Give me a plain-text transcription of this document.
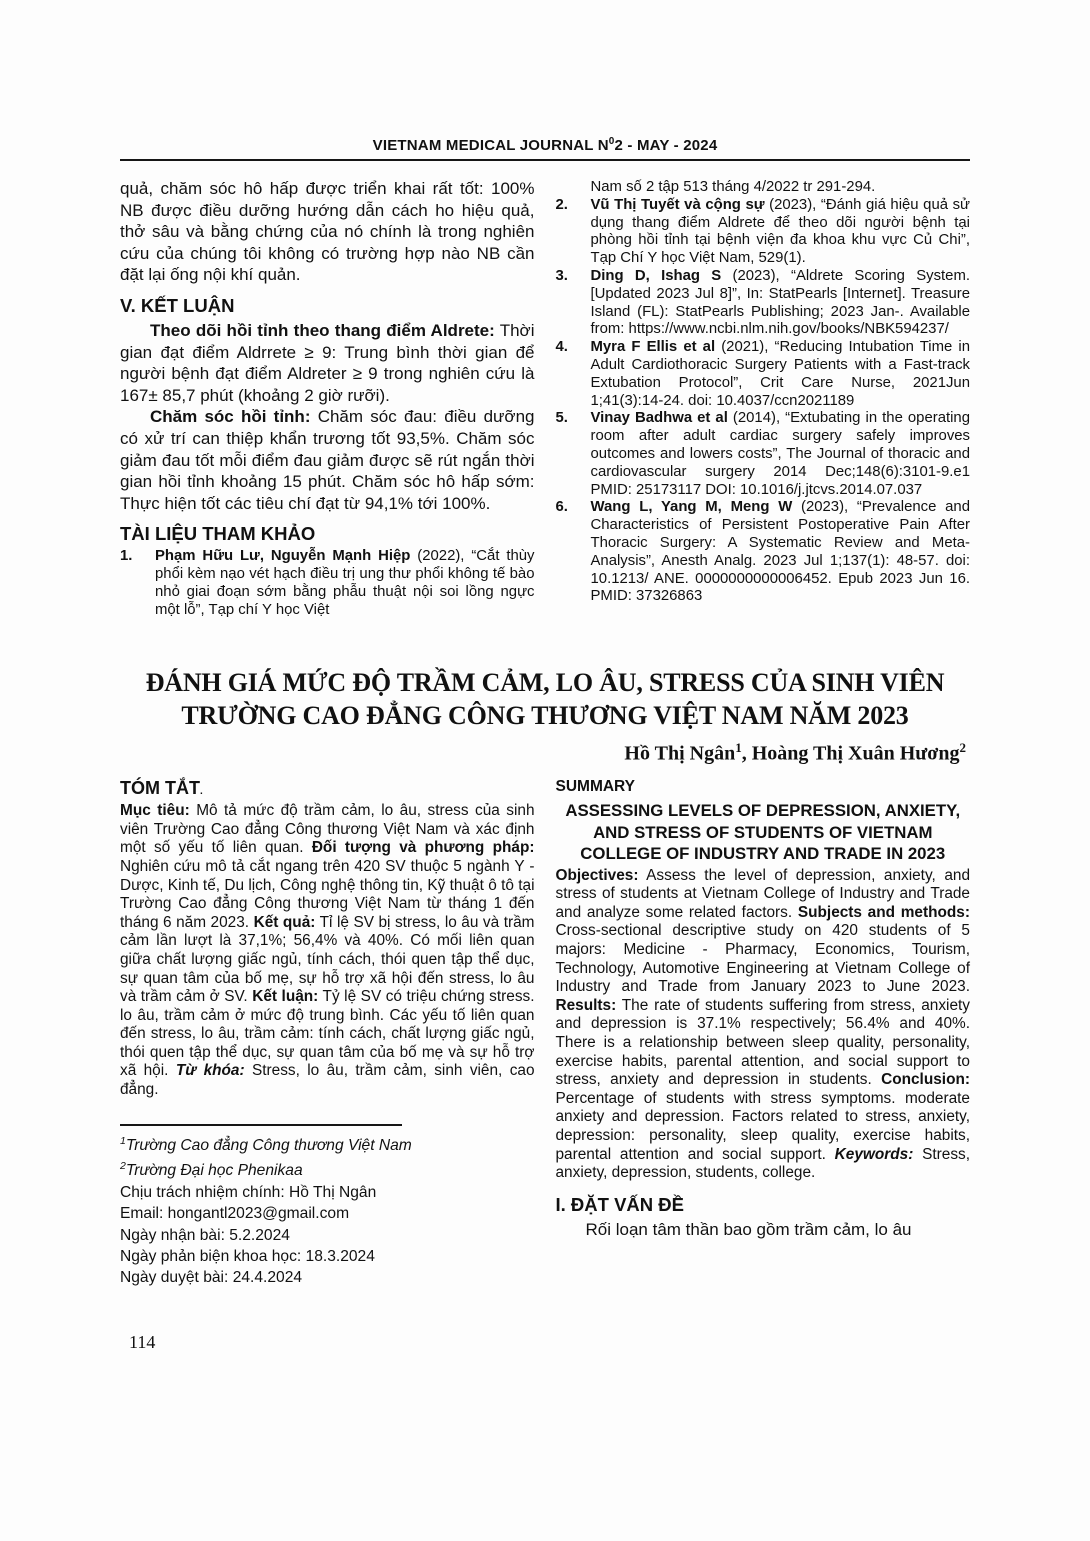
VIETNAM MEDICAL JOURNAL $N^02$ - MAY - 2024

quả, chăm sóc hô hấp được triển khai rất tốt: 100% NB được điều dưỡng hướng dẫn cách ho hiệu quả, thở sâu và bằng chứng của nó chính là trong nghiên cứu của chúng tôi không có trường hợp nào NB cần đặt lại ống nội khí quản.

V. KẾT LUẬN

Theo dõi hồi tỉnh theo thang điểm Aldrete: Thời gian đạt điểm Aldrrete ≥ 9: Trung bình thời gian để người bệnh đạt điểm Aldreter ≥ 9 trong nghiên cứu là 167± 85,7 phút (khoảng 2 giờ rưỡi).

Chăm sóc hồi tỉnh: Chăm sóc đau: điều dưỡng có xử trí can thiệp khẩn trương tốt 93,5%. Chăm sóc giảm đau tốt mỗi điểm đau giảm được sẽ rút ngắn thời gian hồi tỉnh khoảng 15 phút. Chăm sóc hô hấp sớm: Thực hiện tốt các tiêu chí đạt từ 94,1% tới 100%.

TÀI LIỆU THAM KHẢO
1.	Phạm Hữu Lư, Nguyễn Mạnh Hiệp (2022), “Cắt thùy phổi kèm nạo vét hạch điều trị ung thư phổi không tế bào nhỏ giai đoạn sớm bằng phẫu thuật nội soi lồng ngực một lỗ”, Tạp chí Y học Việt
Nam số 2 tập 513 tháng 4/2022 tr 291-294.
2.	Vũ Thị Tuyết và cộng sự (2023), “Đánh giá hiệu quả sử dụng thang điểm Aldrete để theo dõi người bệnh tại phòng hồi tỉnh tại bệnh viện đa khoa khu vực Củ Chi”, Tạp Chí Y học Việt Nam, 529(1).
3.	Ding D, Ishag S (2023), “Aldrete Scoring System. [Updated 2023 Jul 8]”, In: StatPearls [Internet]. Treasure Island (FL): StatPearls Publishing; 2023 Jan-. Available from: https://www.ncbi.nlm.nih.gov/books/NBK594237/
4.	Myra F Ellis et al (2021), “Reducing Intubation Time in Adult Cardiothoracic Surgery Patients with a Fast-track Extubation Protocol”, Crit Care Nurse, 2021Jun 1;41(3):14-24. doi: 10.4037/ccn2021189
5.	Vinay Badhwa et al (2014), “Extubating in the operating room after adult cardiac surgery safely improves outcomes and lowers costs”, The Journal of thoracic and cardiovascular surgery 2014 Dec;148(6):3101-9.e1 PMID: 25173117 DOI: 10.1016/j.jtcvs.2014.07.037
6.	Wang L, Yang M, Meng W (2023), “Prevalence and Characteristics of Persistent Postoperative Pain After Thoracic Surgery: A Systematic Review and Meta-Analysis”, Anesth Analg. 2023 Jul 1;137(1): 48-57. doi: 10.1213/ ANE. 0000000000006452. Epub 2023 Jun 16. PMID: 37326863
ĐÁNH GIÁ MỨC ĐỘ TRẦM CẢM, LO ÂU, STRESS CỦA SINH VIÊN
TRƯỜNG CAO ĐẲNG CÔNG THƯƠNG VIỆT NAM NĂM 2023
Hồ Thị Ngân$^1$, Hoàng Thị Xuân Hương$^2$
TÓM TẮT.

Mục tiêu: Mô tả mức độ trầm cảm, lo âu, stress của sinh viên Trường Cao đẳng Công thương Việt Nam và xác định một số yếu tố liên quan. Đối tượng và phương pháp: Nghiên cứu mô tả cắt ngang trên 420 SV thuộc 5 ngành Y - Dược, Kinh tế, Du lịch, Công nghệ thông tin, Kỹ thuật ô tô tại Trường Cao đẳng Công thương Việt Nam từ tháng 1 đến tháng 6 năm 2023. Kết quả: Tỉ lệ SV bị stress, lo âu và trầm cảm lần lượt là 37,1%; 56,4% và 40%. Có mối liên quan giữa chất lượng giấc ngủ, tính cách, thói quen tập thể dục, sự quan tâm của bố mẹ, sự hỗ trợ xã hội đến stress, lo âu và trầm cảm ở SV. Kết luận: Tỷ lệ SV có triệu chứng stress. lo âu, trầm cảm ở mức độ trung bình. Các yếu tố liên quan đến stress, lo âu, trầm cảm: tính cách, chất lượng giấc ngủ, thói quen tập thể dục, sự quan tâm của bố mẹ và sự hỗ trợ xã hội. Từ khóa: Stress, lo âu, trầm cảm, sinh viên, cao đẳng.

$^1$Trường Cao đẳng Công thương Việt Nam
$^2$Trường Đại học Phenikaa
Chịu trách nhiệm chính: Hồ Thị Ngân
Email: hongantl2023@gmail.com
Ngày nhận bài: 5.2.2024
Ngày phản biện khoa học: 18.3.2024
Ngày duyệt bài: 24.4.2024
SUMMARY
ASSESSING LEVELS OF DEPRESSION, ANXIETY, AND STRESS OF STUDENTS OF VIETNAM COLLEGE OF INDUSTRY AND TRADE IN 2023

Objectives: Assess the level of depression, anxiety, and stress of students at Vietnam College of Industry and Trade and analyze some related factors. Subjects and methods: Cross-sectional descriptive study on 420 students of 5 majors: Medicine - Pharmacy, Economics, Tourism, Technology, Automotive Engineering at Vietnam College of Industry and Trade from January 2023 to June 2023. Results: The rate of students suffering from stress, anxiety and depression is 37.1% respectively; 56.4% and 40%. There is a relationship between sleep quality, personality, exercise habits, parental attention, and social support to stress, anxiety and depression in students. Conclusion: Percentage of students with stress symptoms. moderate anxiety and depression. Factors related to stress, anxiety, depression: personality, sleep quality, exercise habits, parental attention and social support. Keywords: Stress, anxiety, depression, students, college.

I. ĐẶT VẤN ĐỀ

Rối loạn tâm thần bao gồm trầm cảm, lo âu

114
